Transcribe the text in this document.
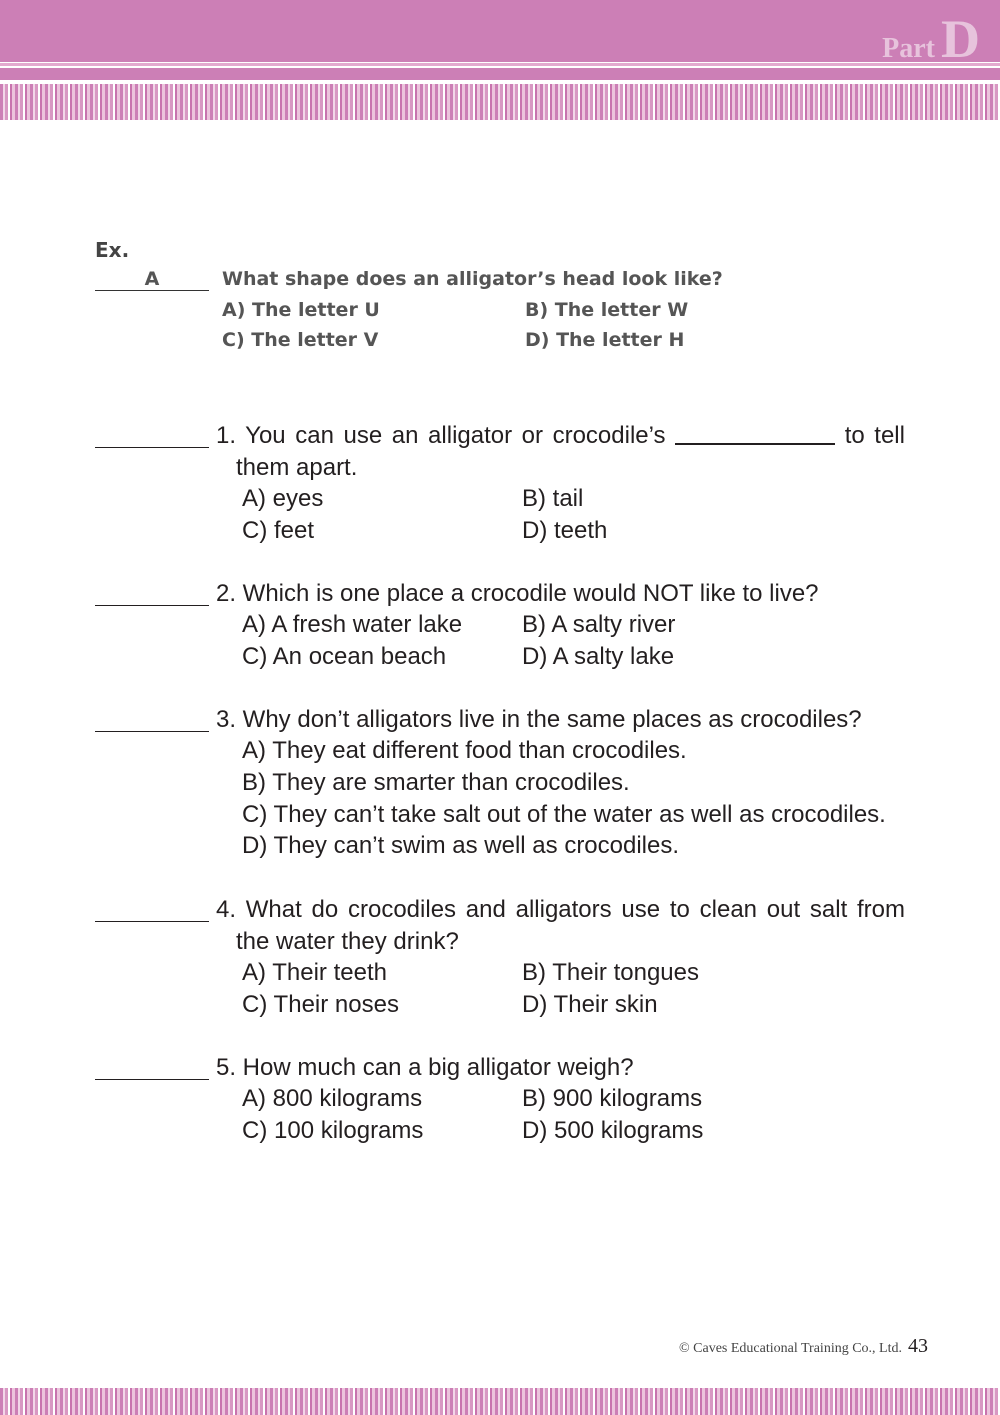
Part D
Ex.
A	What shape does an alligator’s head look like?
A) The letter U	B) The letter W
C) The letter V	D) The letter H
1. You can use an alligator or crocodile’s	to tell
them apart.
A) eyes	B) tail
C) feet	D) teeth
2. Which is one place a crocodile would NOT like to live?
A) A fresh water lake B) A salty river
C) An ocean beach	D) A salty lake
3. Why don’t alligators live in the same places as crocodiles?
A) They eat different food than crocodiles.
B) They are smarter than crocodiles.
C) They can’t take salt out of the water as well as crocodiles.
D) They can’t swim as well as crocodiles.
4. What do crocodiles and alligators use to clean out salt from
the water they drink?
A) Their teeth	B) Their tongues
C) Their noses	D) Their skin
5. How much can a big alligator weigh?
A) 800 kilograms	B) 900 kilograms
C) 100 kilograms	D) 500 kilograms
© Caves Educational Training Co., Ltd. 43
